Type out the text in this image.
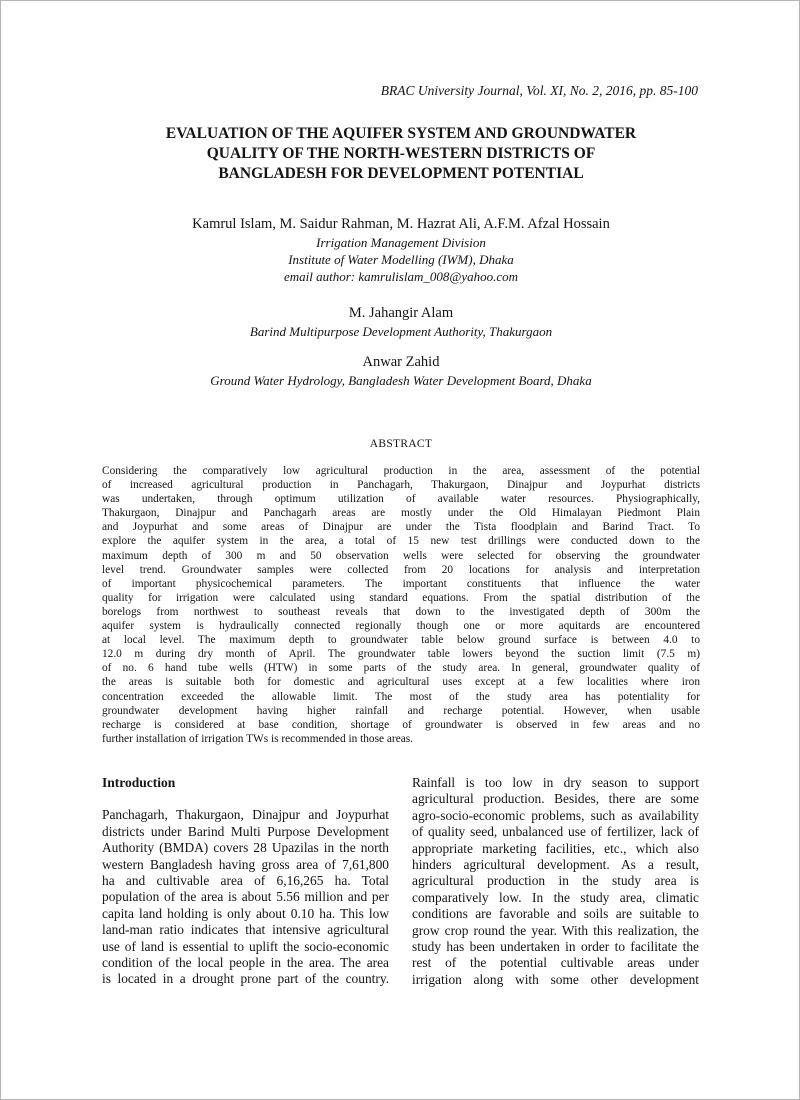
BRAC University Journal, Vol. XI, No. 2, 2016, pp. 85-100
EVALUATION OF THE AQUIFER SYSTEM AND GROUNDWATER
QUALITY OF THE NORTH-WESTERN DISTRICTS OF
BANGLADESH FOR DEVELOPMENT POTENTIAL
Kamrul Islam, M. Saidur Rahman, M. Hazrat Ali, A.F.M. Afzal Hossain
Irrigation Management Division
Institute of Water Modelling (IWM), Dhaka
email author: kamrulislam_008@yahoo.com
M. Jahangir Alam
Barind Multipurpose Development Authority, Thakurgaon
Anwar Zahid
Ground Water Hydrology, Bangladesh Water Development Board, Dhaka
ABSTRACT
Considering the comparatively low agricultural production in the area, assessment of the potential
of increased agricultural production in Panchagarh, Thakurgaon, Dinajpur and Joypurhat districts
was undertaken, through optimum utilization of available water resources. Physiographically,
Thakurgaon, Dinajpur and Panchagarh areas are mostly under the Old Himalayan Piedmont Plain
and Joypurhat and some areas of Dinajpur are under the Tista floodplain and Barind Tract. To
explore the aquifer system in the area, a total of 15 new test drillings were conducted down to the
maximum depth of 300 m and 50 observation wells were selected for observing the groundwater
level trend. Groundwater samples were collected from 20 locations for analysis and interpretation
of important physicochemical parameters. The important constituents that influence the water
quality for irrigation were calculated using standard equations. From the spatial distribution of the
borelogs from northwest to southeast reveals that down to the investigated depth of 300m the
aquifer system is hydraulically connected regionally though one or more aquitards are encountered
at local level. The maximum depth to groundwater table below ground surface is between 4.0 to
12.0 m during dry month of April. The groundwater table lowers beyond the suction limit (7.5 m)
of no. 6 hand tube wells (HTW) in some parts of the study area. In general, groundwater quality of
the areas is suitable both for domestic and agricultural uses except at a few localities where iron
concentration exceeded the allowable limit. The most of the study area has potentiality for
groundwater development having higher rainfall and recharge potential. However, when usable
recharge is considered at base condition, shortage of groundwater is observed in few areas and no
further installation of irrigation TWs is recommended in those areas.
Introduction
Panchagarh, Thakurgaon, Dinajpur and Joypurhat
districts under Barind Multi Purpose Development
Authority (BMDA) covers 28 Upazilas in the north
western Bangladesh having gross area of 7,61,800
ha and cultivable area of 6,16,265 ha. Total
population of the area is about 5.56 million and per
capita land holding is only about 0.10 ha. This low
land-man ratio indicates that intensive agricultural
use of land is essential to uplift the socio-economic
condition of the local people in the area. The area
is located in a drought prone part of the country.
Rainfall is too low in dry season to support
agricultural production. Besides, there are some
agro-socio-economic problems, such as availability
of quality seed, unbalanced use of fertilizer, lack of
appropriate marketing facilities, etc., which also
hinders agricultural development. As a result,
agricultural production in the study area is
comparatively low. In the study area, climatic
conditions are favorable and soils are suitable to
grow crop round the year. With this realization, the
study has been undertaken in order to facilitate the
rest of the potential cultivable areas under
irrigation along with some other development
